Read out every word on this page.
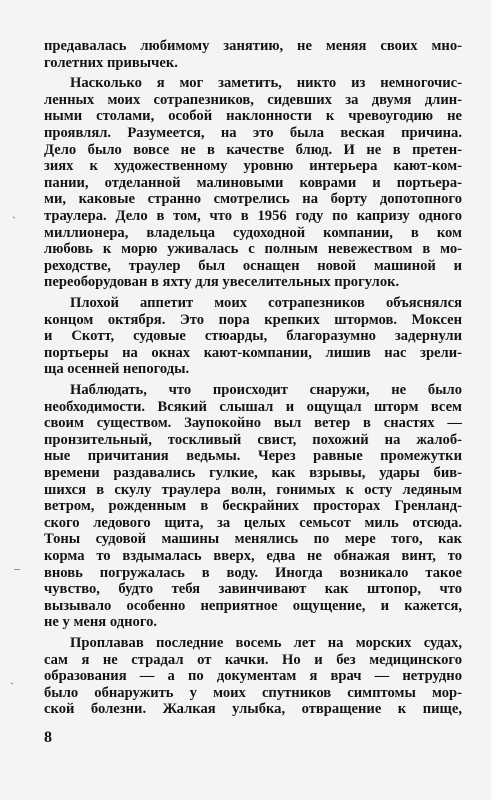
предавалась любимому занятию, не меняя своих мно-
голетних привычек.
Насколько я мог заметить, никто из немногочис-
ленных моих сотрапезников, сидевших за двумя длин-
ными столами, особой наклонности к чревоугодию не
проявлял. Разумеется, на это была веская причина.
Дело было вовсе не в качестве блюд. И не в претен-
зиях к художественному уровню интерьера кают-ком-
пании, отделанной малиновыми коврами и портьера-
ми, каковые странно смотрелись на борту допотопного
траулера. Дело в том, что в 1956 году по капризу одного
миллионера, владельца судоходной компании, в ком
любовь к морю уживалась с полным невежеством в мо-
реходстве, траулер был оснащен новой машиной и
переоборудован в яхту для увеселительных прогулок.
Плохой аппетит моих сотрапезников объяснялся
концом октября. Это пора крепких штормов. Моксен
и Скотт, судовые стюарды, благоразумно задернули
портьеры на окнах кают-компании, лишив нас зрели-
ща осенней непогоды.
Наблюдать, что происходит снаружи, не было
необходимости. Всякий слышал и ощущал шторм всем
своим существом. Заупокойно выл ветер в снастях —
пронзительный, тоскливый свист, похожий на жалоб-
ные причитания ведьмы. Через равные промежутки
времени раздавались гулкие, как взрывы, удары бив-
шихся в скулу траулера волн, гонимых к осту ледяным
ветром, рожденным в бескрайних просторах Гренланд-
ского ледового щита, за целых семьсот миль отсюда.
Тоны судовой машины менялись по мере того, как
корма то вздымалась вверх, едва не обнажая винт, то
вновь погружалась в воду. Иногда возникало такое
чувство, будто тебя завинчивают как штопор, что
вызывало особенно неприятное ощущение, и кажется,
не у меня одного.
Проплавав последние восемь лет на морских судах,
сам я не страдал от качки. Но и без медицинского
образования — а по документам я врач — нетрудно
было обнаружить у моих спутников симптомы мор-
ской болезни. Жалкая улыбка, отвращение к пище,
8
ˏ
‒
ˏ
